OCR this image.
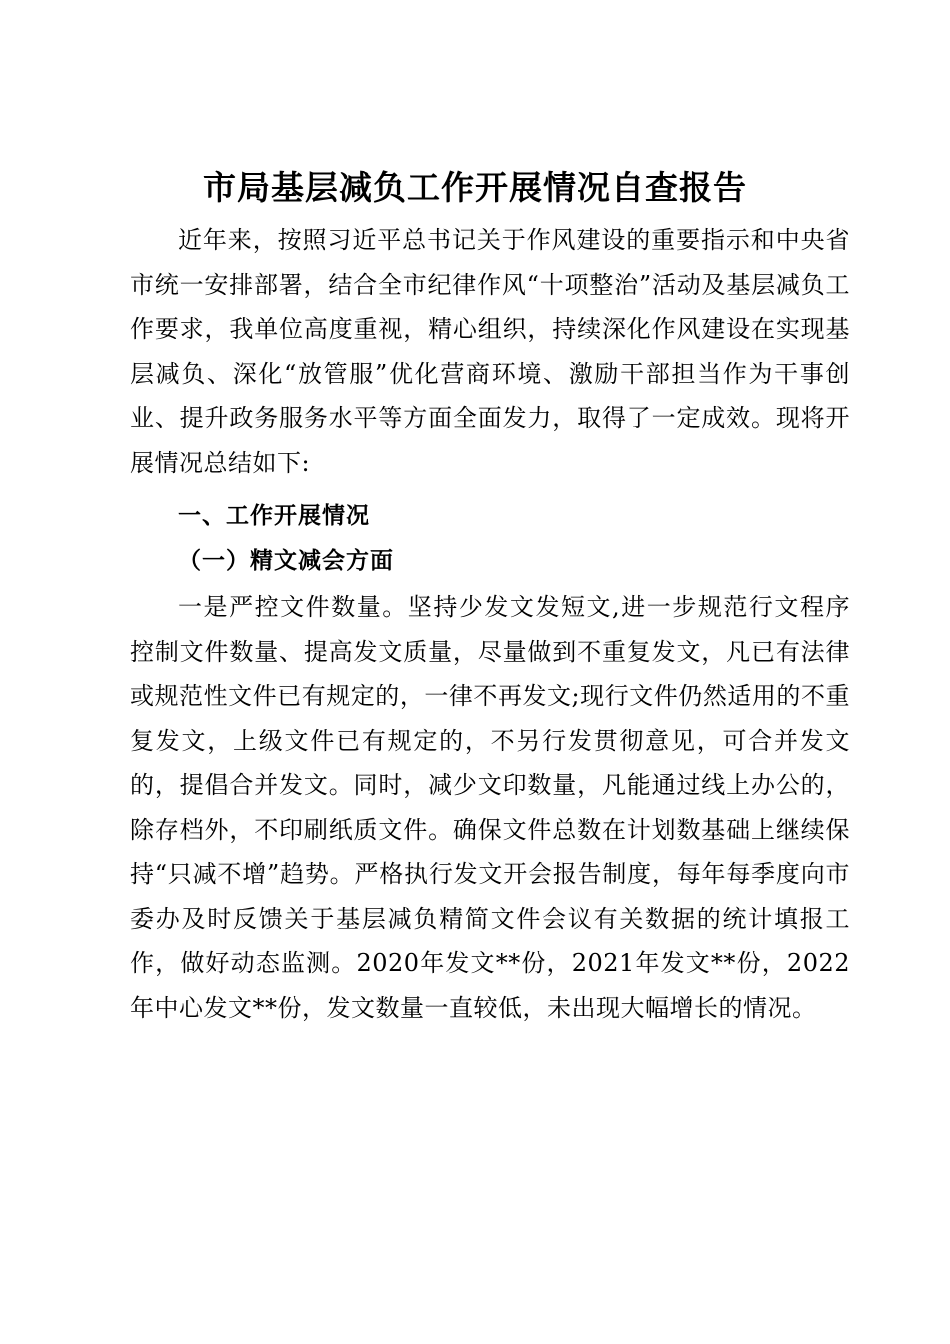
市局基层减负工作开展情况自查报告
近年来，按照习近平总书记关于作风建设的重要指示和中央省市统一安排部署，结合全市纪律作风“十项整治”活动及基层减负工作要求，我单位高度重视，精心组织，持续深化作风建设在实现基层减负、深化“放管服”优化营商环境、激励干部担当作为干事创业、提升政务服务水平等方面全面发力，取得了一定成效。现将开展情况总结如下:
一、工作开展情况
（一）精文减会方面
一是严控文件数量。坚持少发文发短文,进一步规范行文程序 控制文件数量、提高发文质量，尽量做到不重复发文，凡已有法律或规范性文件已有规定的，一律不再发文;现行文件仍然适用的不重复发文，上级文件已有规定的，不另行发贯彻意见，可合并发文的，提倡合并发文。同时，减少文印数量，凡能通过线上办公的，除存档外，不印刷纸质文件。确保文件总数在计划数基础上继续保持“只减不增”趋势。严格执行发文开会报告制度，每年每季度向市委办及时反馈关于基层减负精简文件会议有关数据的统计填报工作，做好动态监测。2020年发文**份，2021年发文**份，2022年中心发文**份，发文数量一直较低，未出现大幅增长的情况。
